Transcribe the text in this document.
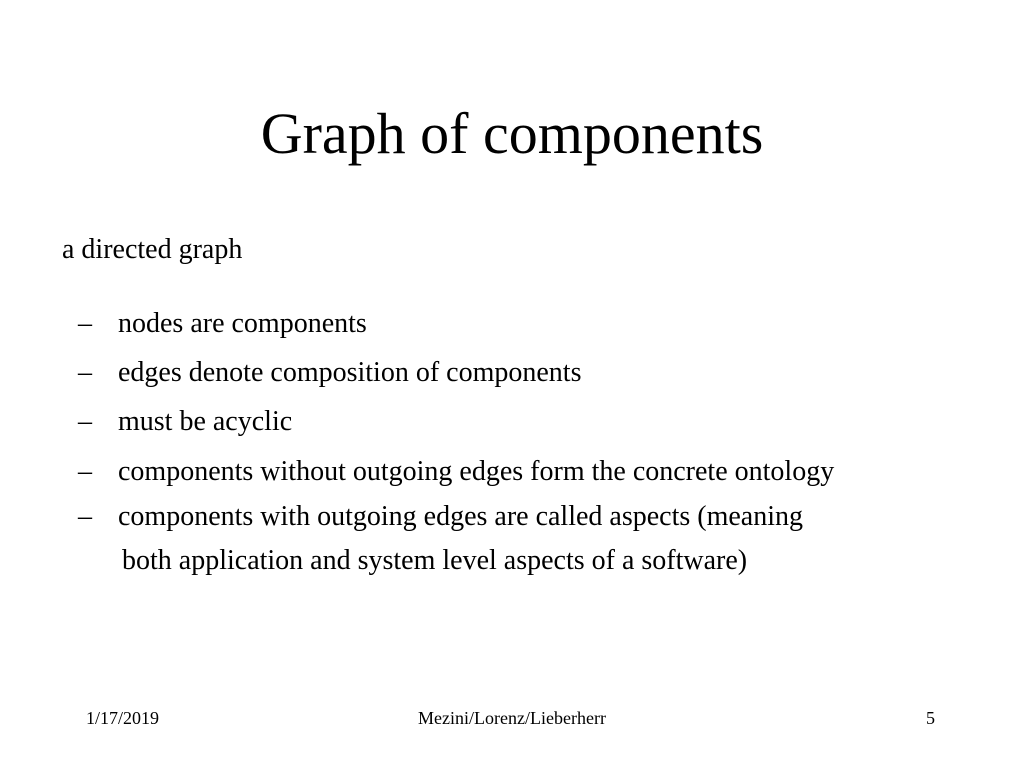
Graph of components
a directed graph
– nodes are components
– edges denote composition of components
– must be acyclic
– components without outgoing edges form the concrete ontology
– components with outgoing edges are called aspects (meaning
both application and system level aspects of a software)
1/17/2019	Mezini/Lorenz/Lieberherr	5
